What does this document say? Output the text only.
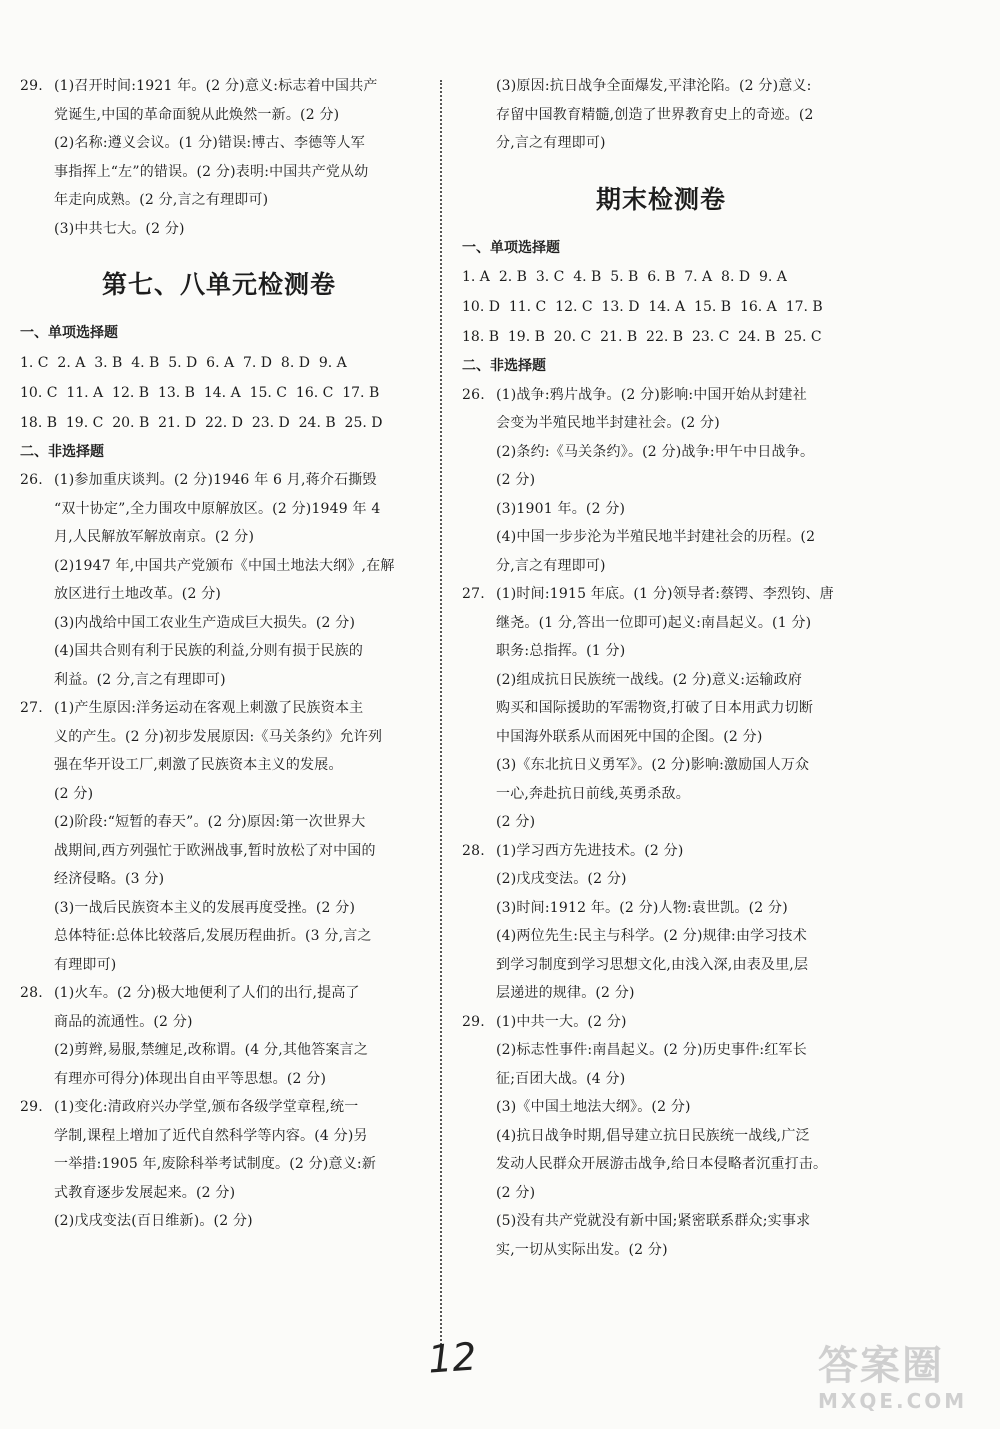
29. (1)召开时间:1921 年。(2 分)意义:标志着中国共产
党诞生,中国的革命面貌从此焕然一新。(2 分)
(2)名称:遵义会议。(1 分)错误:博古、李德等人军
事指挥上“左”的错误。(2 分)表明:中国共产党从幼
年走向成熟。(2 分,言之有理即可)
(3)中共七大。(2 分)
第七、八单元检测卷
一、单项选择题
1. C  2. A  3. B  4. B  5. D  6. A  7. D  8. D  9. A
10. C  11. A  12. B  13. B  14. A  15. C  16. C  17. B
18. B  19. C  20. B  21. D  22. D  23. D  24. B  25. D
二、非选择题
26. (1)参加重庆谈判。(2 分)1946 年 6 月,蒋介石撕毁
“双十协定”,全力围攻中原解放区。(2 分)1949 年 4
月,人民解放军解放南京。(2 分)
(2)1947 年,中国共产党颁布《中国土地法大纲》,在解
放区进行土地改革。(2 分)
(3)内战给中国工农业生产造成巨大损失。(2 分)
(4)国共合则有利于民族的利益,分则有损于民族的
利益。(2 分,言之有理即可)
27. (1)产生原因:洋务运动在客观上刺激了民族资本主
义的产生。(2 分)初步发展原因:《马关条约》允许列
强在华开设工厂,刺激了民族资本主义的发展。
(2 分)
(2)阶段:“短暂的春天”。(2 分)原因:第一次世界大
战期间,西方列强忙于欧洲战事,暂时放松了对中国的
经济侵略。(3 分)
(3)一战后民族资本主义的发展再度受挫。(2 分)
总体特征:总体比较落后,发展历程曲折。(3 分,言之
有理即可)
28. (1)火车。(2 分)极大地便利了人们的出行,提高了
商品的流通性。(2 分)
(2)剪辫,易服,禁缠足,改称谓。(4 分,其他答案言之
有理亦可得分)体现出自由平等思想。(2 分)
29. (1)变化:清政府兴办学堂,颁布各级学堂章程,统一
学制,课程上增加了近代自然科学等内容。(4 分)另
一举措:1905 年,废除科举考试制度。(2 分)意义:新
式教育逐步发展起来。(2 分)
(2)戊戌变法(百日维新)。(2 分)
(3)原因:抗日战争全面爆发,平津沦陷。(2 分)意义:
存留中国教育精髓,创造了世界教育史上的奇迹。(2
分,言之有理即可)
期末检测卷
一、单项选择题
1. A  2. B  3. C  4. B  5. B  6. B  7. A  8. D  9. A
10. D  11. C  12. C  13. D  14. A  15. B  16. A  17. B
18. B  19. B  20. C  21. B  22. B  23. C  24. B  25. C
二、非选择题
26. (1)战争:鸦片战争。(2 分)影响:中国开始从封建社
会变为半殖民地半封建社会。(2 分)
(2)条约:《马关条约》。(2 分)战争:甲午中日战争。
(2 分)
(3)1901 年。(2 分)
(4)中国一步步沦为半殖民地半封建社会的历程。(2
分,言之有理即可)
27. (1)时间:1915 年底。(1 分)领导者:蔡锷、李烈钧、唐
继尧。(1 分,答出一位即可)起义:南昌起义。(1 分)
职务:总指挥。(1 分)
(2)组成抗日民族统一战线。(2 分)意义:运输政府
购买和国际援助的军需物资,打破了日本用武力切断
中国海外联系从而困死中国的企图。(2 分)
(3)《东北抗日义勇军》。(2 分)影响:激励国人万众
一心,奔赴抗日前线,英勇杀敌。
(2 分)
28. (1)学习西方先进技术。(2 分)
(2)戊戌变法。(2 分)
(3)时间:1912 年。(2 分)人物:袁世凯。(2 分)
(4)两位先生:民主与科学。(2 分)规律:由学习技术
到学习制度到学习思想文化,由浅入深,由表及里,层
层递进的规律。(2 分)
29. (1)中共一大。(2 分)
(2)标志性事件:南昌起义。(2 分)历史事件:红军长
征;百团大战。(4 分)
(3)《中国土地法大纲》。(2 分)
(4)抗日战争时期,倡导建立抗日民族统一战线,广泛
发动人民群众开展游击战争,给日本侵略者沉重打击。
(2 分)
(5)没有共产党就没有新中国;紧密联系群众;实事求
实,一切从实际出发。(2 分)
12	答案圈
MXQE.COM
